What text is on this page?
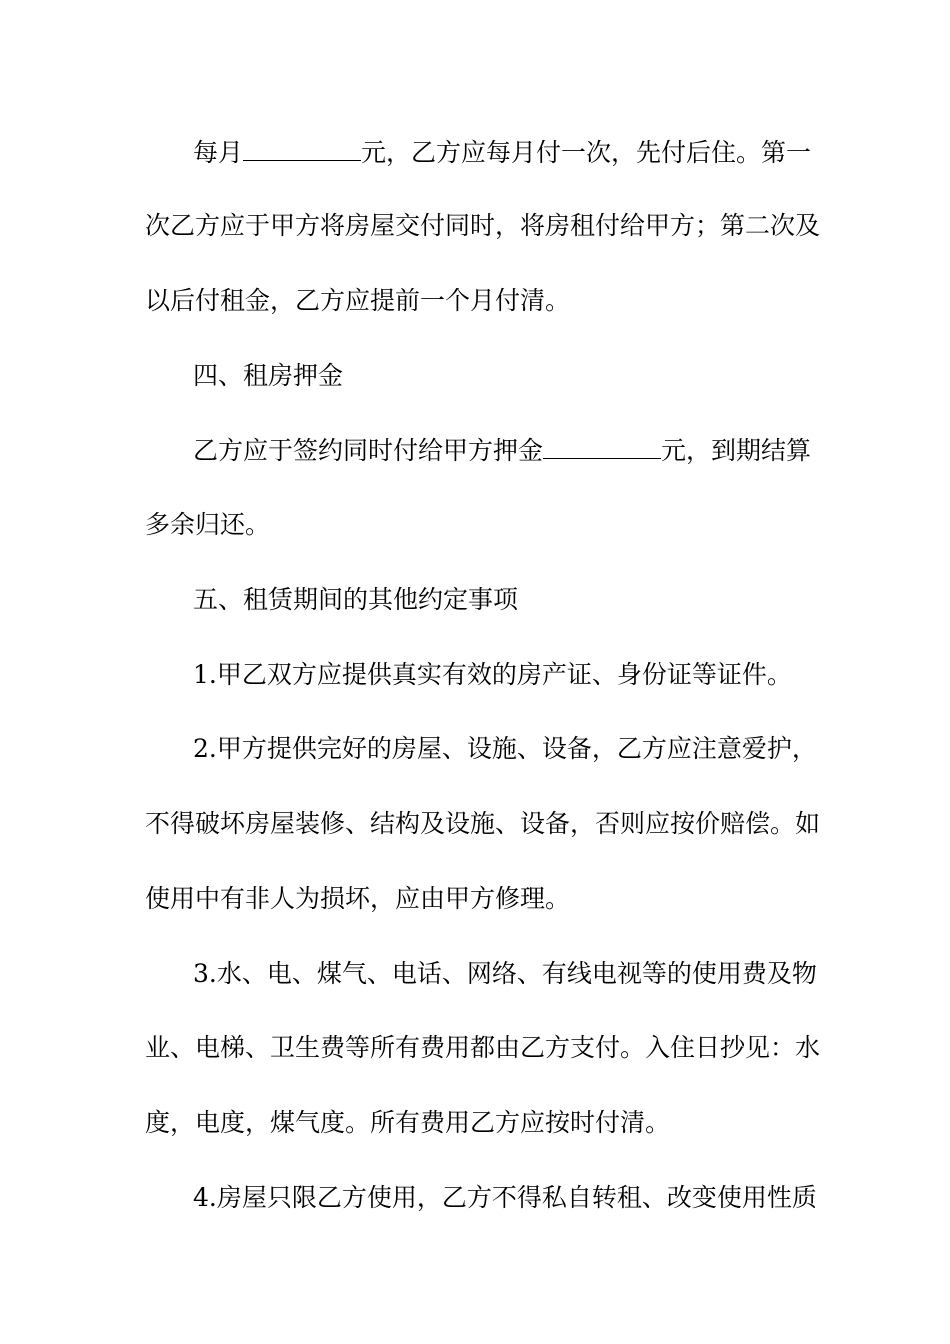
每月	元，乙方应每月付一次，先付后住。第一
次乙方应于甲方将房屋交付同时，将房租付给甲方；第二次及
以后付租金，乙方应提前一个月付清。
四、租房押金
乙方应于签约同时付给甲方押金	元，到期结算
多余归还。
五、租赁期间的其他约定事项
1.甲乙双方应提供真实有效的房产证、身份证等证件。
2.甲方提供完好的房屋、设施、设备，乙方应注意爱护，
不得破坏房屋装修、结构及设施、设备，否则应按价赔偿。如
使用中有非人为损坏，应由甲方修理。
3.水、电、煤气、电话、网络、有线电视等的使用费及物
业、电梯、卫生费等所有费用都由乙方支付。入住日抄见：水
度，电度，煤气度。所有费用乙方应按时付清。
4.房屋只限乙方使用，乙方不得私自转租、改变使用性质
